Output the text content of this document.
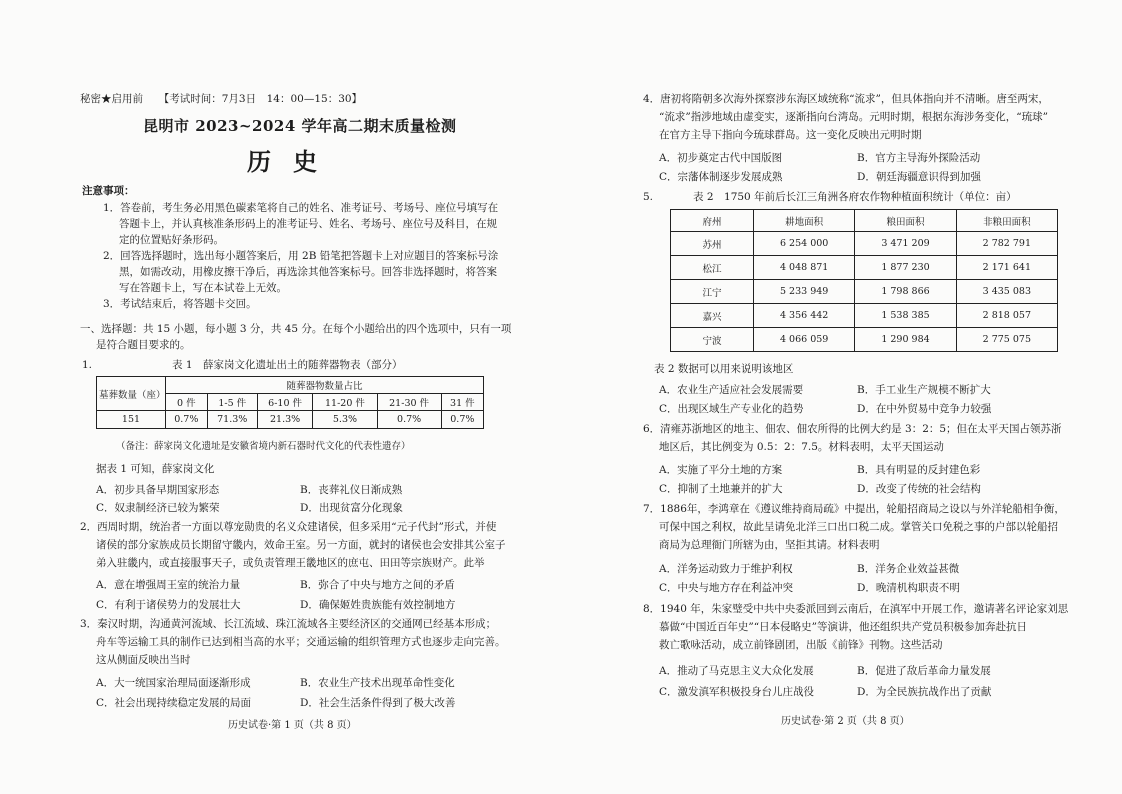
秘密★启用前　　【考试时间：7月3日　14：00—15：30】
昆明市 2023~2024 学年高二期末质量检测
历史
注意事项：
1．答卷前，考生务必用黑色碳素笔将自己的姓名、准考证号、考场号、座位号填写在
答题卡上，并认真核准条形码上的准考证号、姓名、考场号、座位号及科目，在规
定的位置贴好条形码。
2．回答选择题时，选出每小题答案后，用 2B 铅笔把答题卡上对应题目的答案标号涂
黑，如需改动，用橡皮擦干净后，再选涂其他答案标号。回答非选择题时，将答案
写在答题卡上，写在本试卷上无效。
3．考试结束后，将答题卡交回。
一、选择题：共 15 小题，每小题 3 分，共 45 分。在每个小题给出的四个选项中，只有一项
是符合题目要求的。
1.	表 1　薛家岗文化遗址出土的随葬器物表（部分）
墓葬数量（座）	随葬器物数量占比					
	0 件	1-5 件	6-10 件	11-20 件	21-30 件	31 件
151	0.7%	71.3%	21.3%	5.3%	0.7%	0.7%
（备注：薛家岗文化遗址是安徽省境内新石器时代文化的代表性遗存）
据表 1 可知，薛家岗文化
A．初步具备早期国家形态	B．丧葬礼仪日渐成熟
C．奴隶制经济已较为繁荣	D．出现贫富分化现象
2．西周时期，统治者一方面以尊宠勋贵的名义众建诸侯，但多采用“元子代封”形式，并使
诸侯的部分家族成员长期留守畿内，效命王室。另一方面，就封的诸侯也会安排其公室子
弟入驻畿内，或直接服事天子，或负责管理王畿地区的庶屯、田田等宗族财产。此举
A．意在增强周王室的统治力量	B．弥合了中央与地方之间的矛盾
C．有利于诸侯势力的发展壮大	D．确保姬姓贵族能有效控制地方
3．秦汉时期，沟通黄河流域、长江流域、珠江流域各主要经济区的交通网已经基本形成；
舟车等运输工具的制作已达到相当高的水平；交通运输的组织管理方式也逐步走向完善。
这从侧面反映出当时
A．大一统国家治理局面逐渐形成	B．农业生产技术出现革命性变化
C．社会出现持续稳定发展的局面	D．社会生活条件得到了极大改善
历史试卷·第 1 页（共 8 页）
4．唐初将隋朝多次海外探察涉东海区域统称“流求”，但具体指向并不清晰。唐至两宋，
“流求”指涉地域由虚变实，逐渐指向台湾岛。元明时期，根据东海涉务变化，“琉球”
在官方主导下指向今琉球群岛。这一变化反映出元明时期
A．初步奠定古代中国版图	B．官方主导海外探险活动
C．宗藩体制逐步发展成熟	D．朝廷海疆意识得到加强
5.	表 2　1750 年前后长江三角洲各府农作物种植面积统计（单位：亩）
府州	耕地面积	粮田面积	非粮田面积
苏州	6 254 000	3 471 209	2 782 791
松江	4 048 871	1 877 230	2 171 641
江宁	5 233 949	1 798 866	3 435 083
嘉兴	4 356 442	1 538 385	2 818 057
宁波	4 066 059	1 290 984	2 775 075
表 2 数据可以用来说明该地区
A．农业生产适应社会发展需要	B．手工业生产规模不断扩大
C．出现区域生产专业化的趋势	D．在中外贸易中竞争力较强
6．清雍苏浙地区的地主、佃农、佃农所得的比例大约是 3：2：5；但在太平天国占领苏浙
地区后，其比例变为 0.5：2：7.5。材料表明，太平天国运动
A．实施了平分土地的方案	B．具有明显的反封建色彩
C．抑制了土地兼并的扩大	D．改变了传统的社会结构
7．1886年，李鸿章在《遵议维持商局疏》中提出，轮船招商局之设以与外洋轮船相争衡，
可保中国之利权，故此呈请免北洋三口出口税二成。掌管关口免税之事的户部以轮船招
商局为总理衙门所辖为由，坚拒其请。材料表明
A．洋务运动致力于维护利权	B．洋务企业效益甚微
C．中央与地方存在利益冲突	D．晚清机构职责不明
8．1940 年，朱家璧受中共中央委派回到云南后，在滇军中开展工作，邀请著名评论家刘思
慕做“中国近百年史”“日本侵略史”等演讲，他还组织共产党员积极参加奔赴抗日
救亡歌咏活动，成立前锋剧团，出版《前锋》刊物。这些活动
A．推动了马克思主义大众化发展	B．促进了敌后革命力量发展
C．激发滇军积极投身台儿庄战役	D．为全民族抗战作出了贡献
历史试卷·第 2 页（共 8 页）
